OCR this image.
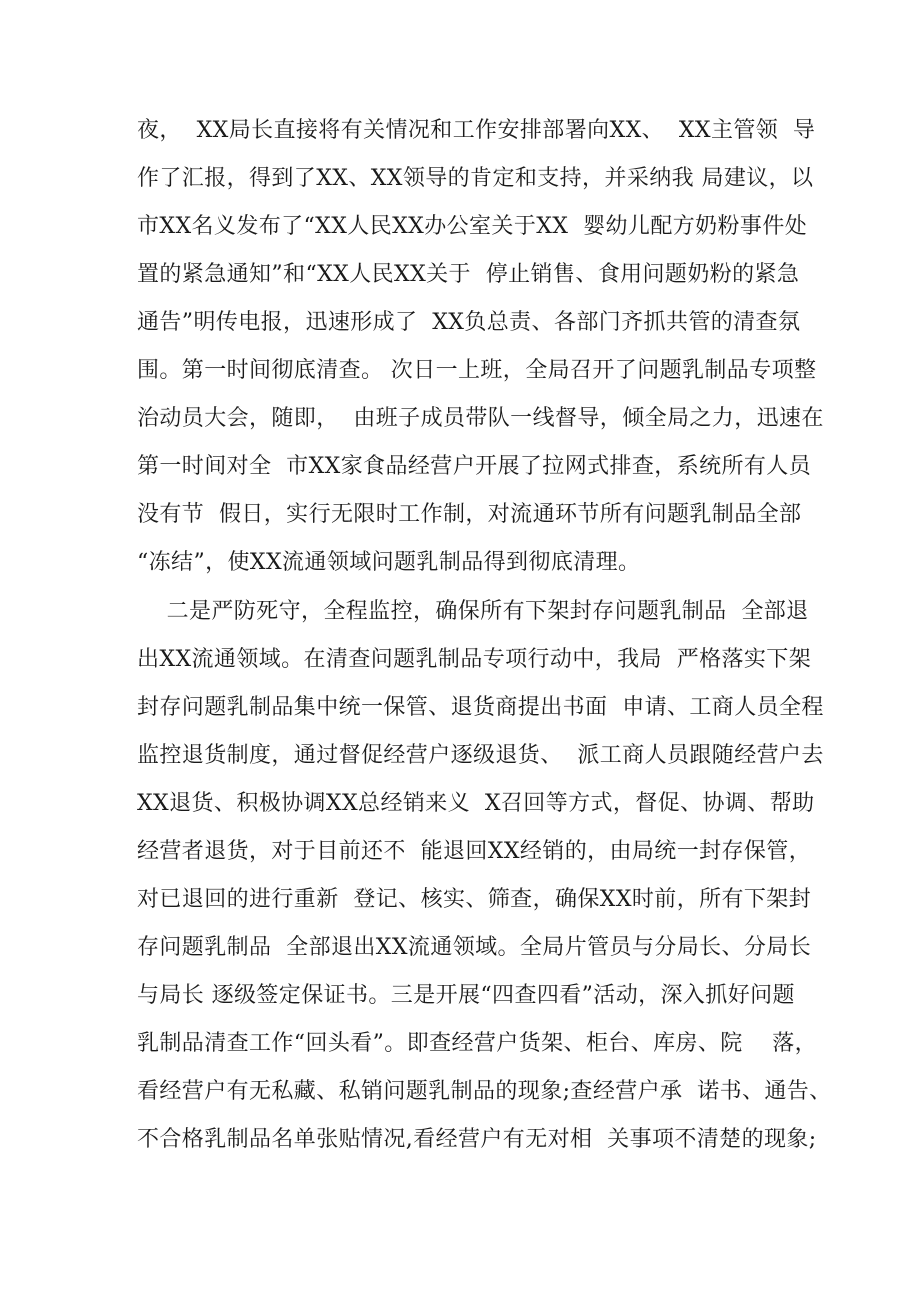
夜，  XX局长直接将有关情况和工作安排部署向XX、  XX主管领  导
作了汇报，得到了XX、XX领导的肯定和支持，并采纳我 局建议，以
市XX名义发布了“XX人民XX办公室关于XX  婴幼儿配方奶粉事件处
置的紧急通知”和“XX人民XX关于  停止销售、食用问题奶粉的紧急
通告”明传电报，迅速形成了  XX负总责、各部门齐抓共管的清查氛
围。第一时间彻底清查。 次日一上班，全局召开了问题乳制品专项整
治动员大会，随即，  由班子成员带队一线督导，倾全局之力，迅速在
第一时间对全  市XX家食品经营户开展了拉网式排查，系统所有人员
没有节  假日，实行无限时工作制，对流通环节所有问题乳制品全部
“冻结”，使XX流通领域问题乳制品得到彻底清理。
二是严防死守，全程监控，确保所有下架封存问题乳制品  全部退
出XX流通领域。在清查问题乳制品专项行动中，我局  严格落实下架
封存问题乳制品集中统一保管、退货商提出书面  申请、工商人员全程
监控退货制度，通过督促经营户逐级退货、  派工商人员跟随经营户去
XX退货、积极协调XX总经销来义  X召回等方式，督促、协调、帮助
经营者退货，对于目前还不  能退回XX经销的，由局统一封存保管，
对已退回的进行重新  登记、核实、筛查，确保XX时前，所有下架封
存问题乳制品  全部退出XX流通领域。全局片管员与分局长、分局长
与局长 逐级签定保证书。三是开展“四查四看”活动，深入抓好问题
乳制品清查工作“回头看”。即查经营户货架、柜台、库房、院    落，
看经营户有无私藏、私销问题乳制品的现象;查经营户承  诺书、通告、
不合格乳制品名单张贴情况,看经营户有无对相  关事项不清楚的现象;
